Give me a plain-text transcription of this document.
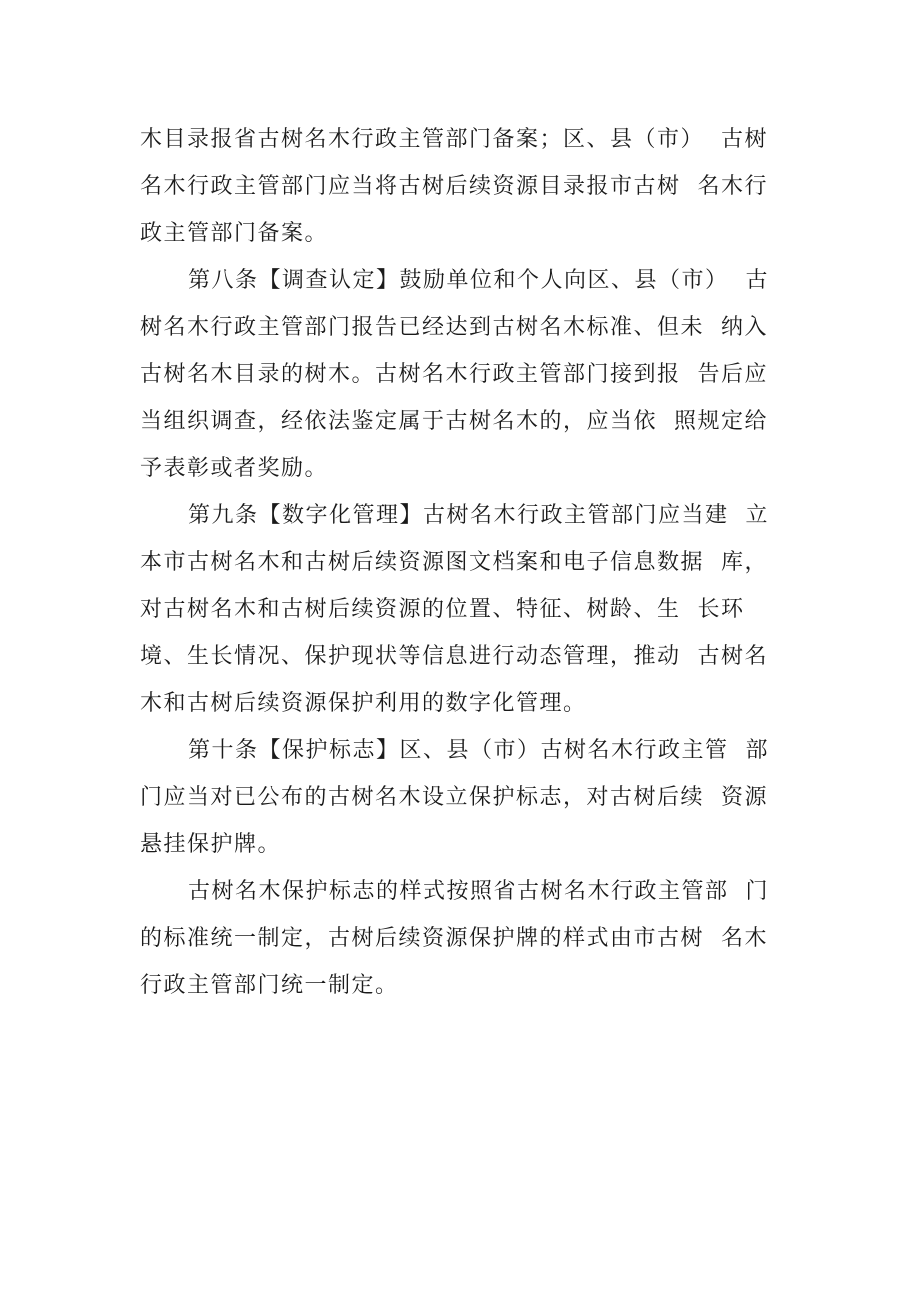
木目录报省古树名木行政主管部门备案；区、县（市）  古树
名木行政主管部门应当将古树后续资源目录报市古树  名木行
政主管部门备案。
第八条【调查认定】鼓励单位和个人向区、县（市）  古
树名木行政主管部门报告已经达到古树名木标准、但未  纳入
古树名木目录的树木。古树名木行政主管部门接到报  告后应
当组织调查，经依法鉴定属于古树名木的，应当依  照规定给
予表彰或者奖励。
第九条【数字化管理】古树名木行政主管部门应当建  立
本市古树名木和古树后续资源图文档案和电子信息数据  库，
对古树名木和古树后续资源的位置、特征、树龄、生  长环
境、生长情况、保护现状等信息进行动态管理，推动  古树名
木和古树后续资源保护利用的数字化管理。
第十条【保护标志】区、县（市）古树名木行政主管  部
门应当对已公布的古树名木设立保护标志，对古树后续  资源
悬挂保护牌。
古树名木保护标志的样式按照省古树名木行政主管部  门
的标准统一制定，古树后续资源保护牌的样式由市古树  名木
行政主管部门统一制定。
